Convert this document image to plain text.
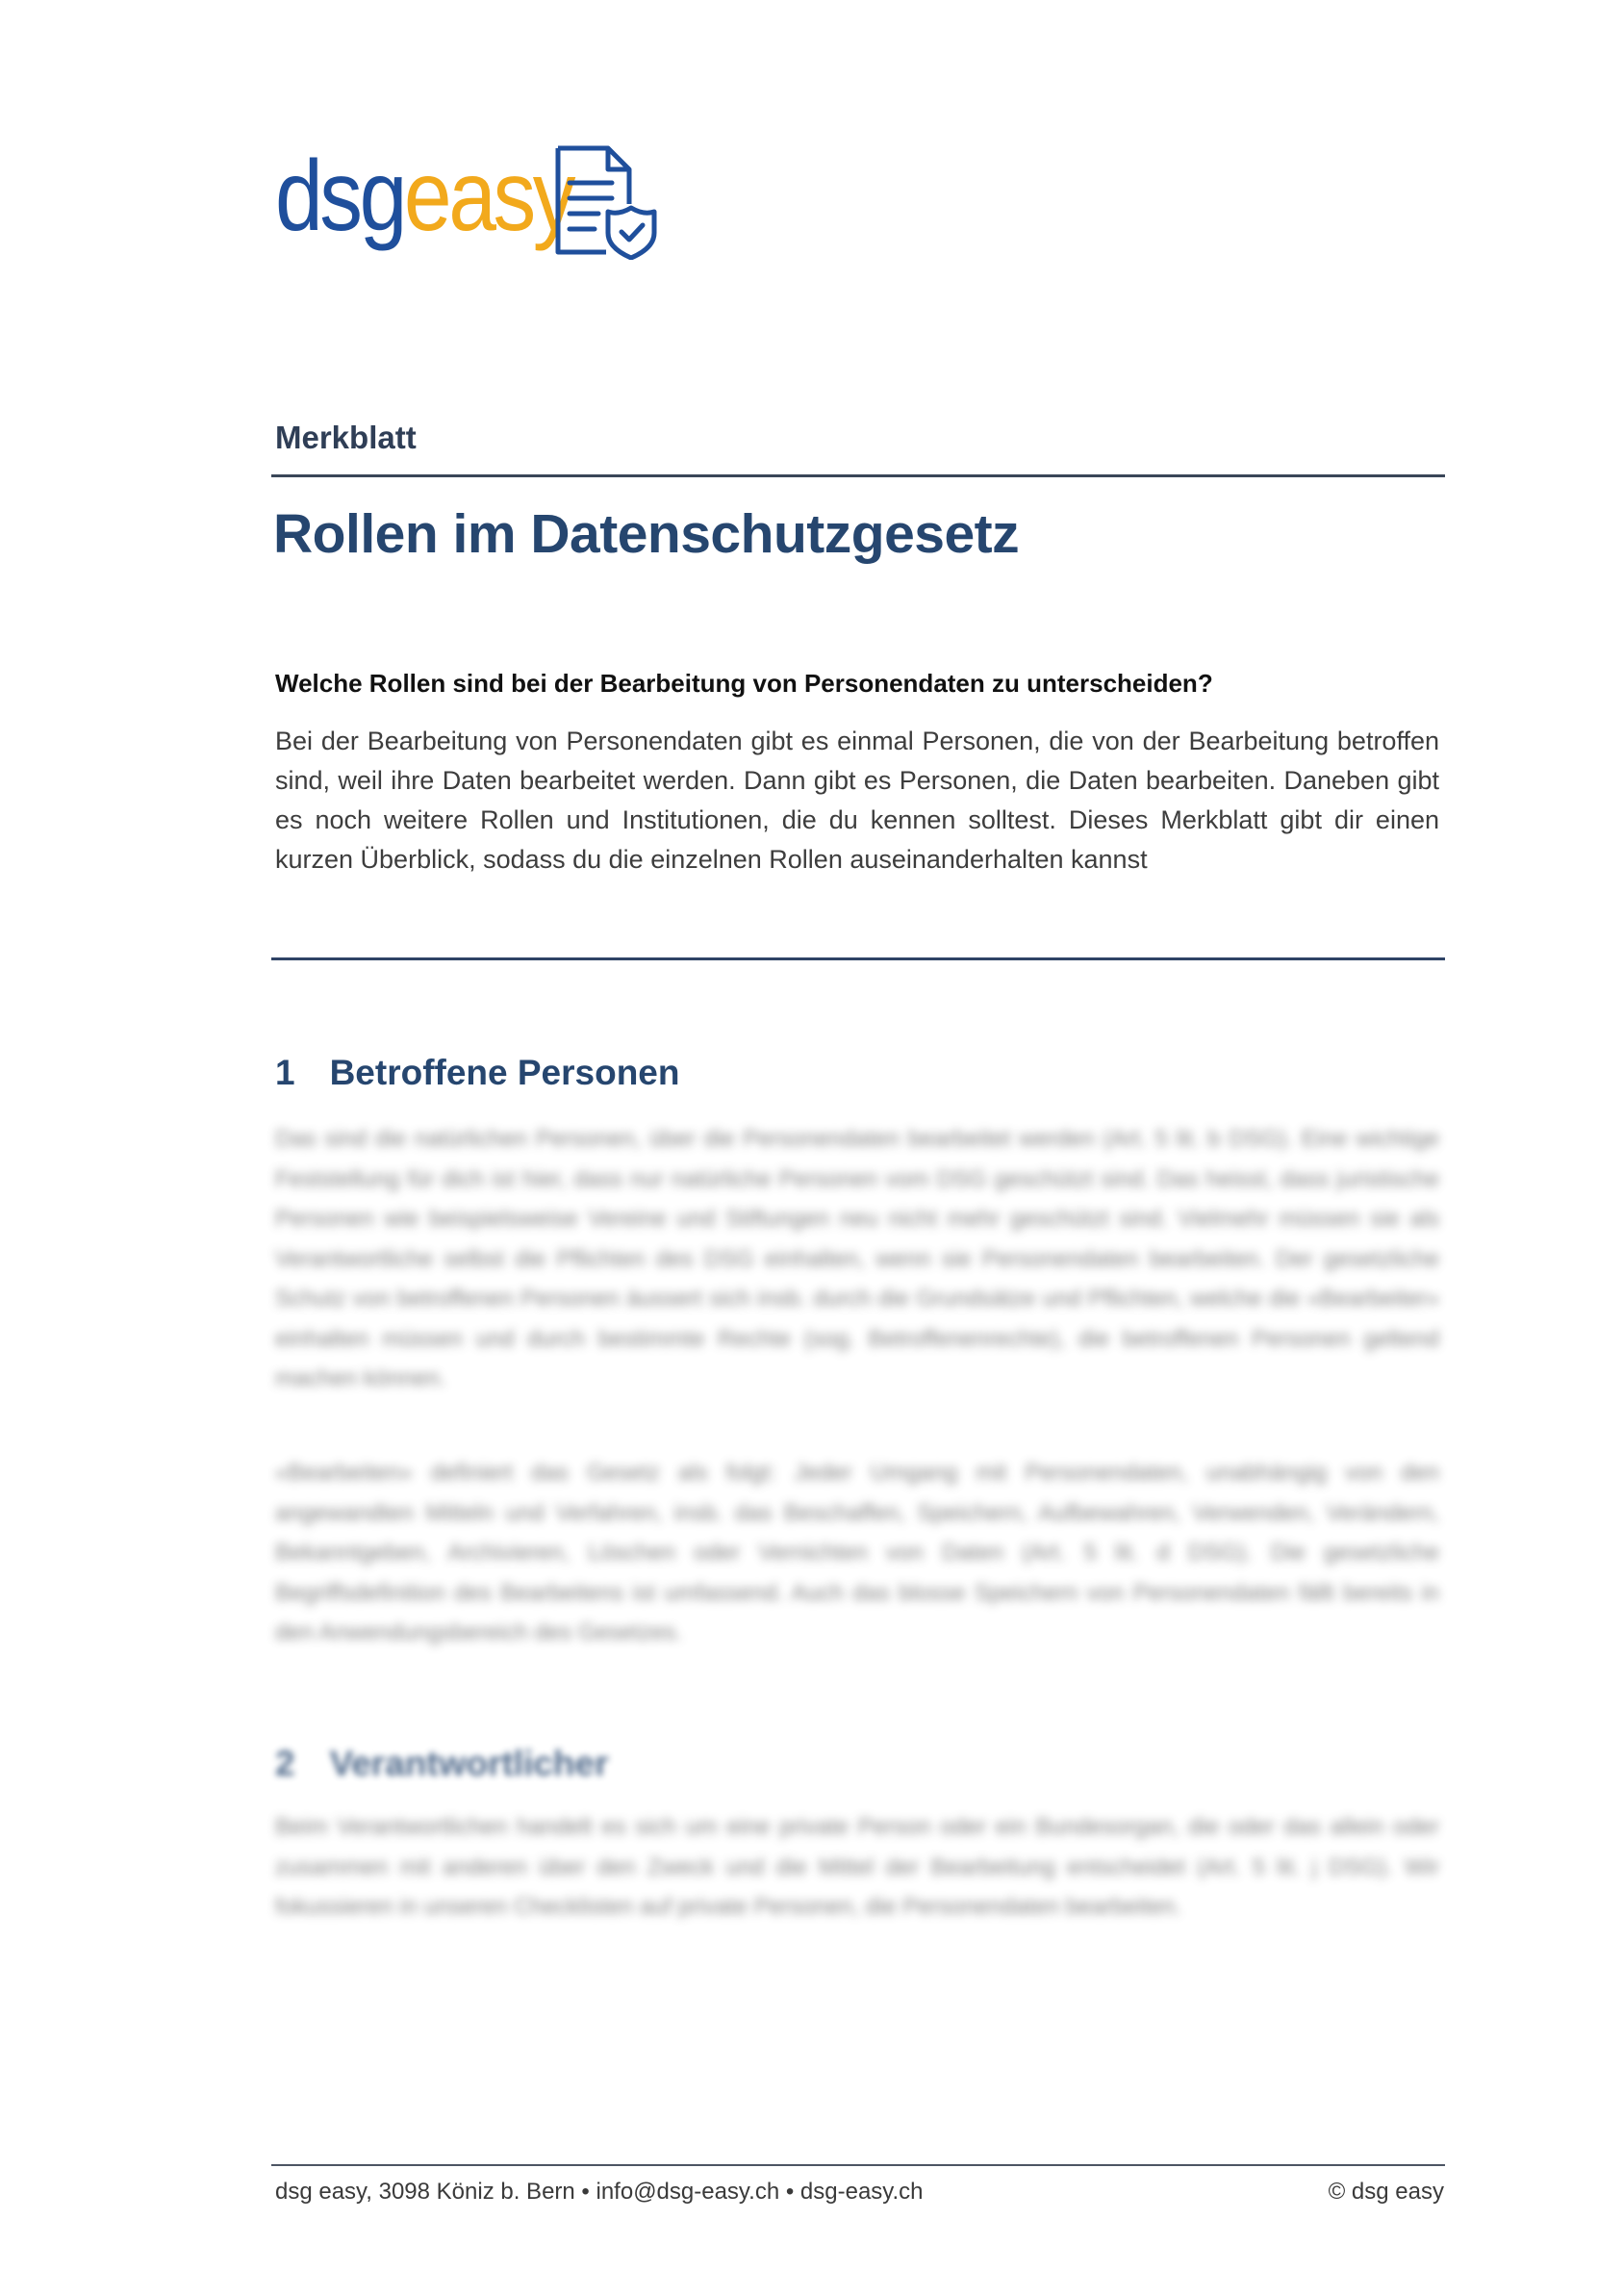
dsgeasy
Merkblatt
Rollen im Datenschutzgesetz
Welche Rollen sind bei der Bearbeitung von Personendaten zu unterscheiden?
Bei der Bearbeitung von Personendaten gibt es einmal Personen, die von der Bearbeitung betroffen sind, weil ihre Daten bearbeitet werden. Dann gibt es Personen, die Daten bearbeiten. Daneben gibt es noch weitere Rollen und Institutionen, die du kennen solltest. Dieses Merkblatt gibt dir einen kurzen Überblick, sodass du die einzelnen Rollen auseinanderhalten kannst
1 Betroffene Personen
Das sind die natürlichen Personen, über die Personendaten bearbeitet werden (Art. 5 lit. b DSG). Eine wichtige Feststellung für dich ist hier, dass nur natürliche Personen vom DSG geschützt sind. Das heisst, dass juristische Personen wie beispielsweise Vereine und Stiftungen neu nicht mehr geschützt sind. Vielmehr müssen sie als Verantwortliche selbst die Pflichten des DSG einhalten, wenn sie Personendaten bearbeiten. Der gesetzliche Schutz von betroffenen Personen äussert sich insb. durch die Grundsätze und Pflichten, welche die «Bearbeiter» einhalten müssen und durch bestimmte Rechte (sog. Betroffenenrechte), die betroffenen Personen geltend machen können.
«Bearbeiten» definiert das Gesetz als folgt: Jeder Umgang mit Personendaten, unabhängig von den angewandten Mitteln und Verfahren, insb. das Beschaffen, Speichern, Aufbewahren, Verwenden, Verändern, Bekanntgeben, Archivieren, Löschen oder Vernichten von Daten (Art. 5 lit. d DSG). Die gesetzliche Begriffsdefinition des Bearbeitens ist umfassend. Auch das blosse Speichern von Personendaten fällt bereits in den Anwendungsbereich des Gesetzes.
2 Verantwortlicher
Beim Verantwortlichen handelt es sich um eine private Person oder ein Bundesorgan, die oder das allein oder zusammen mit anderen über den Zweck und die Mittel der Bearbeitung entscheidet (Art. 5 lit. j DSG). Wir fokussieren in unseren Checklisten auf private Personen, die Personendaten bearbeiten.
dsg easy, 3098 Köniz b. Bern • info@dsg-easy.ch • dsg-easy.ch	© dsg easy
